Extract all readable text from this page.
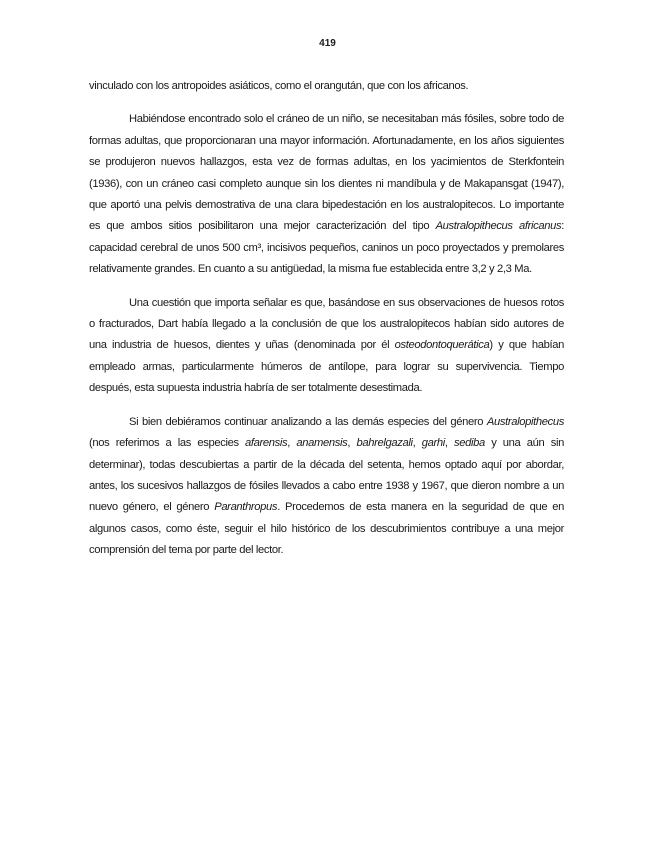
419

vinculado con los antropoides asiáticos, como el orangután, que con los africanos.

Habiéndose encontrado solo el cráneo de un niño, se necesitaban más fósiles, sobre todo de formas adultas, que proporcionaran una mayor información. Afortunadamente, en los años siguientes se produjeron nuevos hallazgos, esta vez de formas adultas, en los yacimientos de Sterkfontein (1936), con un cráneo casi completo aunque sin los dientes ni mandíbula y de Makapansgat (1947), que aportó una pelvis demostrativa de una clara bipedestación en los australopitecos. Lo importante es que ambos sitios posibilitaron una mejor caracterización del tipo Australopithecus africanus: capacidad cerebral de unos 500 cm³, incisivos pequeños, caninos un poco proyectados y premolares relativamente grandes. En cuanto a su antigüedad, la misma fue establecida entre 3,2 y 2,3 Ma.

Una cuestión que importa señalar es que, basándose en sus observaciones de huesos rotos o fracturados, Dart había llegado a la conclusión de que los australopitecos habían sido autores de una industria de huesos, dientes y uñas (denominada por él osteodontoquerática) y que habían empleado armas, particularmente húmeros de antílope, para lograr su supervivencia. Tiempo después, esta supuesta industria habría de ser totalmente desestimada.

Si bien debiéramos continuar analizando a las demás especies del género Australopithecus (nos referimos a las especies afarensis, anamensis, bahrelgazali, garhi, sediba y una aún sin determinar), todas descubiertas a partir de la década del setenta, hemos optado aquí por abordar, antes, los sucesivos hallazgos de fósiles llevados a cabo entre 1938 y 1967, que dieron nombre a un nuevo género, el género Paranthropus. Procedemos de esta manera en la seguridad de que en algunos casos, como éste, seguir el hilo histórico de los descubrimientos contribuye a una mejor comprensión del tema por parte del lector.
